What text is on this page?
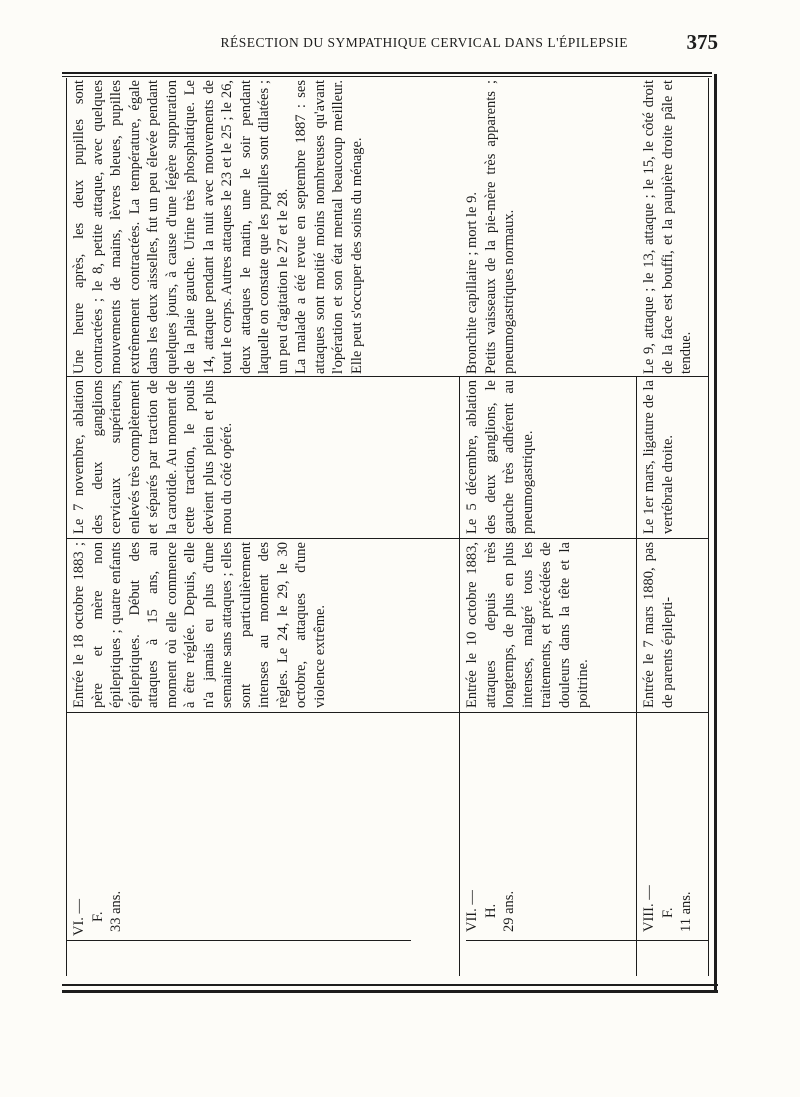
RÉSECTION DU SYMPATHIQUE CERVICAL DANS L'ÉPILEPSIE	375

VI. — F. 33 ans.

Entrée le 18 octobre 1883 ; père et mère non épileptiques ; quatre enfants épileptiques. Début des attaques à 15 ans, au moment où elle commence à être réglée. Depuis, elle n'a jamais eu plus d'une semaine sans attaques ; elles sont particulièrement intenses au moment des règles. Le 24, le 29, le 30 octobre, attaques d'une violence extrême.

Le 7 novembre, ablation des deux ganglions cervicaux supérieurs, enlevés très complètement et séparés par traction de la carotide. Au moment de cette traction, le pouls devient plus plein et plus mou du côté opéré.

Une heure après, les deux pupilles sont contractées ; le 8, petite attaque, avec quelques mouvements de mains, lèvres bleues, pupilles extrêmement contractées. La température, égale dans les deux aisselles, fut un peu élevée pendant quelques jours, à cause d'une légère suppuration de la plaie gauche. Urine très phosphatique. Le 14, attaque pendant la nuit avec mouvements de tout le corps. Autres attaques le 23 et le 25 ; le 26, deux attaques le matin, une le soir pendant laquelle on constate que les pupilles sont dilatées ; un peu d'agitation le 27 et le 28. La malade a été revue en septembre 1887 : ses attaques sont moitié moins nombreuses qu'avant l'opération et son état mental beaucoup meilleur. Elle peut s'occuper des soins du ménage.

VII. — H. 29 ans.

Entrée le 10 octobre 1883, attaques depuis très longtemps, de plus en plus intenses, malgré tous les traitements, et précédées de douleurs dans la tête et la poitrine.

Le 5 décembre, ablation des deux ganglions, le gauche très adhérent au pneumogastrique.

Bronchite capillaire ; mort le 9. Petits vaisseaux de la pie-mère très apparents ; pneumogastriques normaux.

VIII. — F. 11 ans.

Entrée le 7 mars 1880, pas de parents épilepti-

Le 1er mars, ligature de la vertébrale droite.

Le 9, attaque ; le 13, attaque ; le 15, le côté droit de la face est bouffi, et la paupière droite pâle et tendue.
